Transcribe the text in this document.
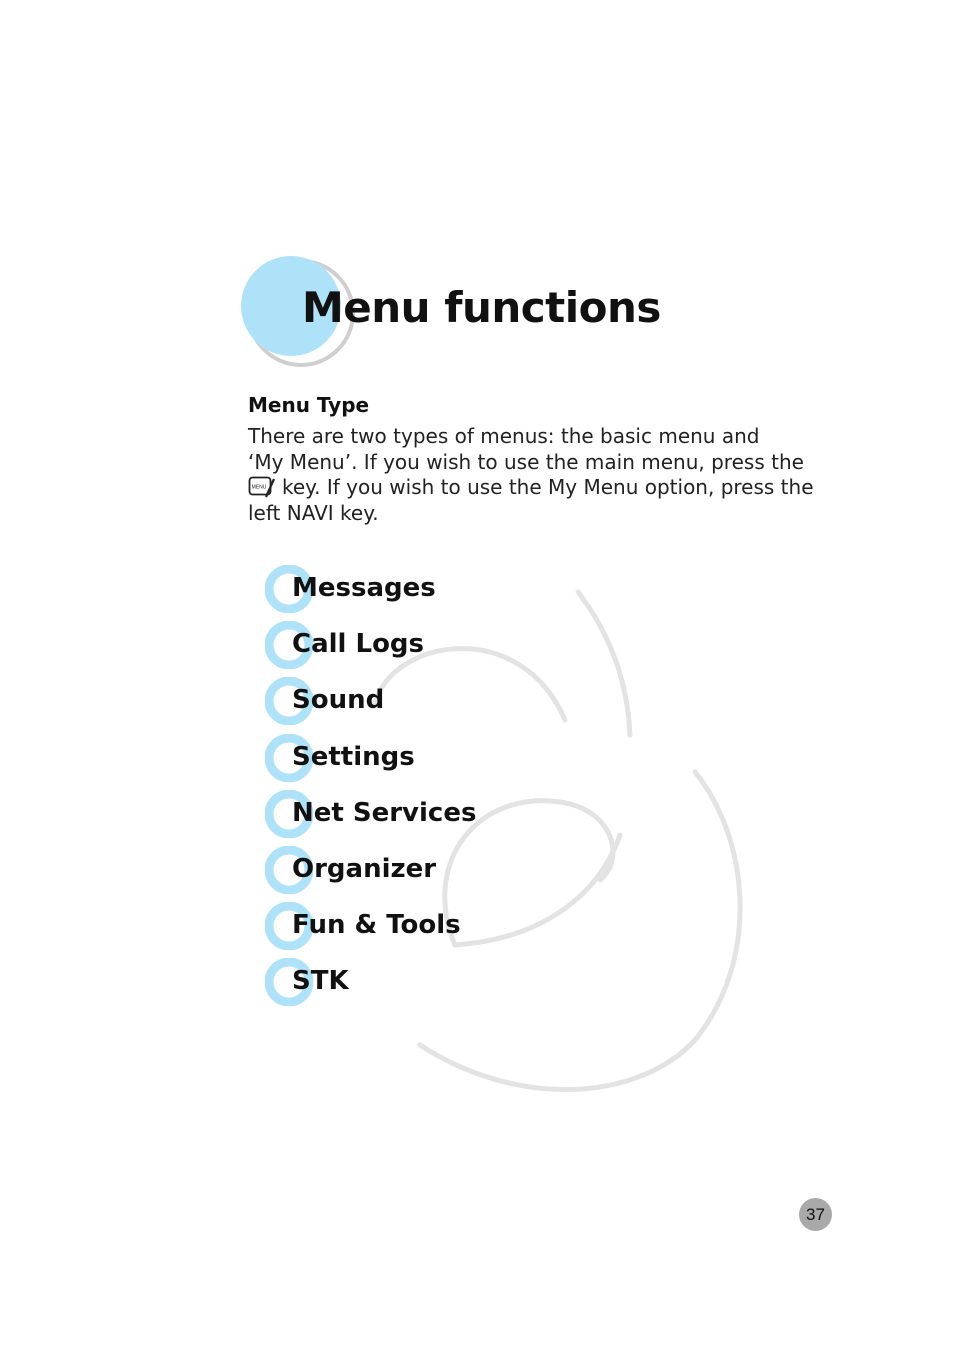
Menu functions
Menu Type

There are two types of menus: the basic menu and
‘My Menu’. If you wish to use the main menu, press the
MENU key. If you wish to use the My Menu option, press the
left NAVI key.

Messages
Call Logs
Sound
Settings
Net Services
Organizer
Fun & Tools
STK
37
